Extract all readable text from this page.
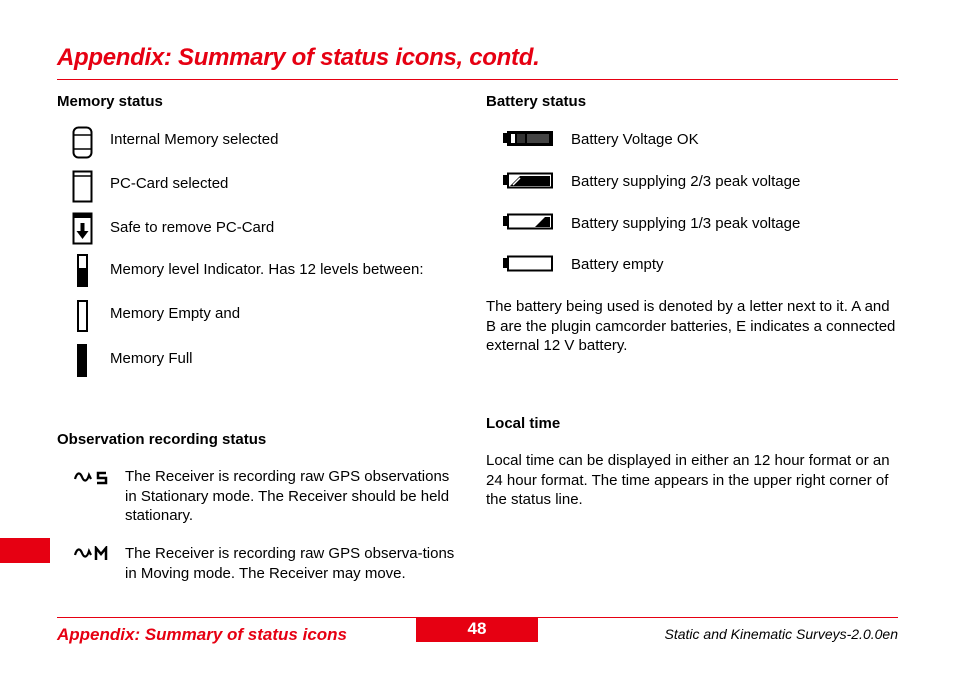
Appendix: Summary of status icons, contd.
Memory status
Internal Memory selected
PC-Card selected
Safe to remove PC-Card
Memory level Indicator. Has 12 levels between:
Memory Empty and
Memory Full
Observation recording status
The Receiver is recording raw GPS observations in Stationary mode. The Receiver should be held stationary.
The Receiver is recording raw GPS observa-tions in Moving mode. The Receiver may move.
Battery status
Battery Voltage OK
Battery supplying 2/3 peak voltage
Battery supplying 1/3 peak voltage
Battery empty
The battery being used is denoted by a letter next to it. A and B are the plugin camcorder batteries, E indicates a connected external 12 V battery.
Local time
Local time can be displayed in either an 12 hour format or an 24 hour format. The time appears in the upper right corner of the status line.
Appendix: Summary of status icons	48	Static and Kinematic Surveys-2.0.0en
